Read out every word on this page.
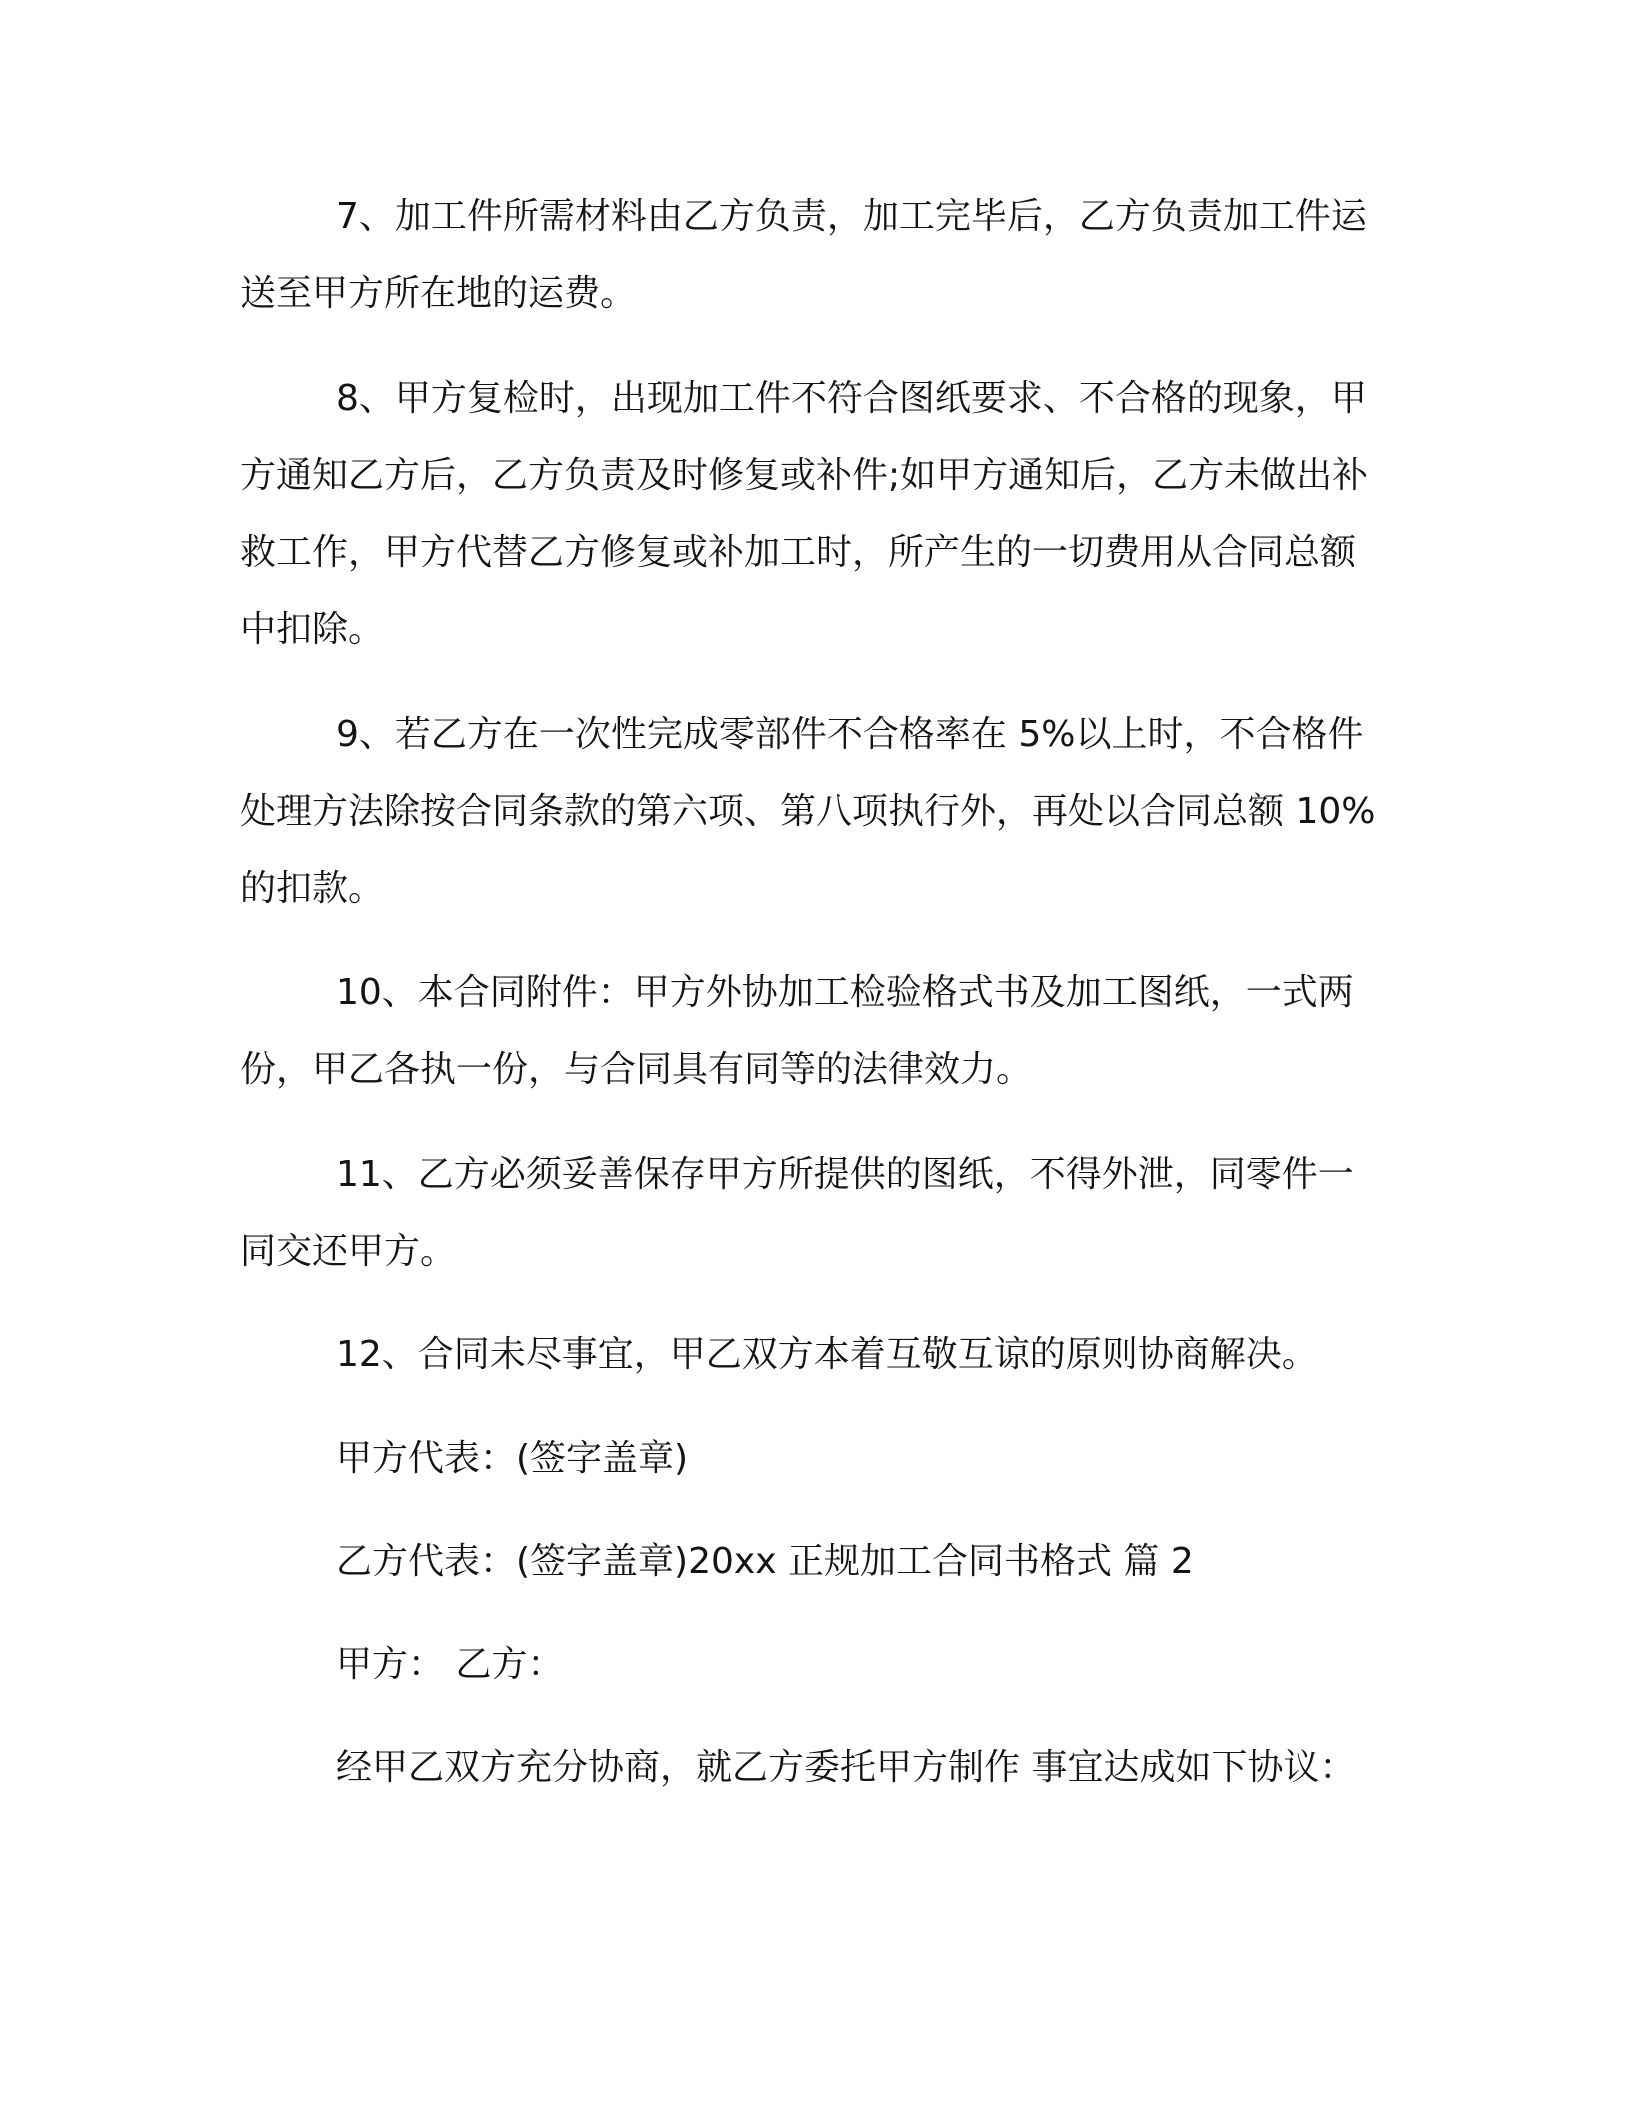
7、加工件所需材料由乙方负责，加工完毕后，乙方负责加工件运送至甲方所在地的运费。

8、甲方复检时，出现加工件不符合图纸要求、不合格的现象，甲方通知乙方后，乙方负责及时修复或补件;如甲方通知后，乙方未做出补救工作，甲方代替乙方修复或补加工时，所产生的一切费用从合同总额中扣除。

9、若乙方在一次性完成零部件不合格率在 5%以上时，不合格件处理方法除按合同条款的第六项、第八项执行外，再处以合同总额 10%的扣款。

10、本合同附件：甲方外协加工检验格式书及加工图纸，一式两份，甲乙各执一份，与合同具有同等的法律效力。

11、乙方必须妥善保存甲方所提供的图纸，不得外泄，同零件一同交还甲方。

12、合同未尽事宜，甲乙双方本着互敬互谅的原则协商解决。

甲方代表：(签字盖章)

乙方代表：(签字盖章)20xx 正规加工合同书格式 篇 2

甲方： 乙方：

经甲乙双方充分协商，就乙方委托甲方制作 事宜达成如下协议：
